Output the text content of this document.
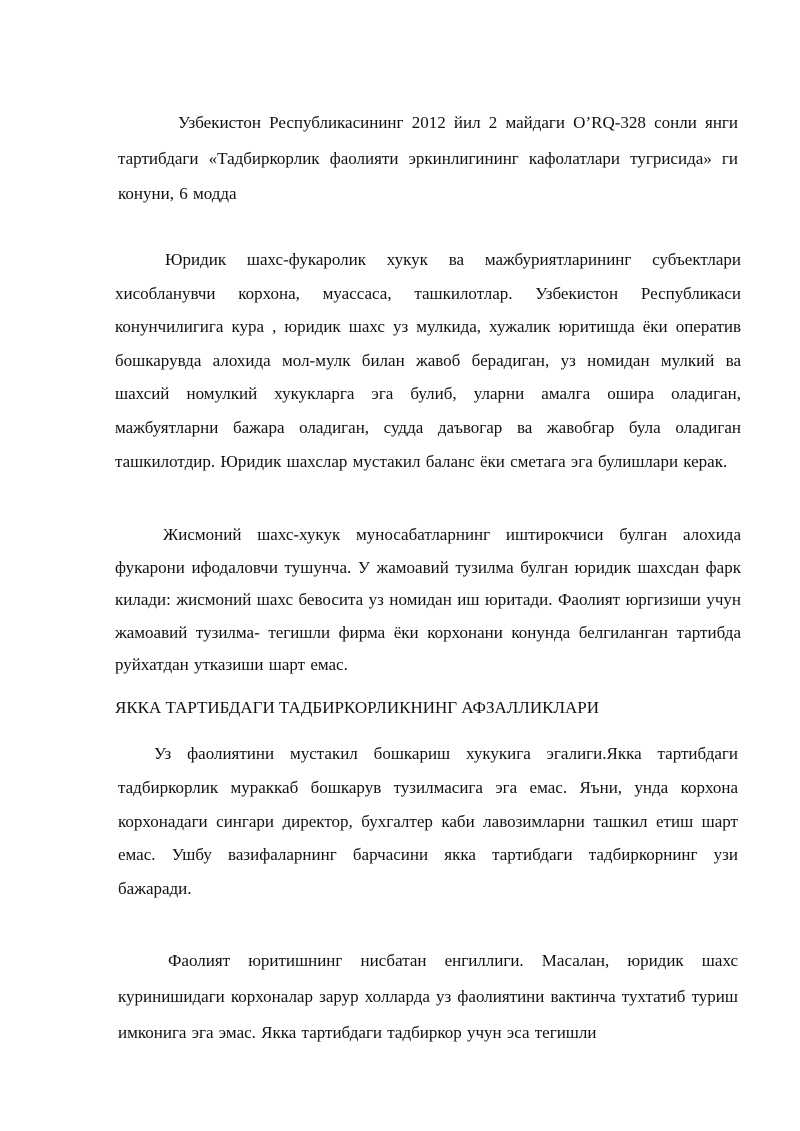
Узбекистон Республикасининг 2012 йил 2 майдаги O’RQ-328 сонли янги тартибдаги «Тадбиркорлик фаолияти эркинлигининг кафолатлари тугрисида» ги конуни, 6 модда

Юридик шахс-фукаролик хукук ва мажбуриятларининг субъектлари хисобланувчи корхона, муассаса, ташкилотлар. Узбекистон Республикаси конунчилигига кура , юридик шахс уз мулкида, хужалик юритишда ёки оператив бошкарувда алохида мол-мулк билан жавоб берадиган, уз номидан мулкий ва шахсий номулкий хукукларга эга булиб, уларни амалга ошира оладиган, мажбуятларни бажара оладиган, судда даъвогар ва жавобгар була оладиган ташкилотдир. Юридик шахслар мустакил баланс ёки сметага эга булишлари керак.

Жисмоний шахс-хукук муносабатларнинг иштирокчиси булган алохида фукарони ифодаловчи тушунча. У жамоавий тузилма булган юридик шахсдан фарк килади: жисмоний шахс бевосита уз номидан иш юритади. Фаолият юргизиши учун жамоавий тузилма- тегишли фирма ёки корхонани конунда белгиланган тартибда руйхатдан утказиши шарт емас.

ЯККА ТАРТИБДАГИ ТАДБИРКОРЛИКНИНГ АФЗАЛЛИКЛАРИ

Уз фаолиятини мустакил бошкариш хукукига эгалиги.Якка тартибдаги тадбиркорлик мураккаб бошкарув тузилмасига эга емас. Яъни, унда корхона корхонадаги сингари директор, бухгалтер каби лавозимларни ташкил етиш шарт емас. Ушбу вазифаларнинг барчасини якка тартибдаги тадбиркорнинг узи бажаради.

Фаолият юритишнинг нисбатан енгиллиги. Масалан, юридик шахс куринишидаги корхоналар зарур холларда уз фаолиятини вактинча тухтатиб туриш имконига эга эмас. Якка тартибдаги тадбиркор учун эса тегишли
